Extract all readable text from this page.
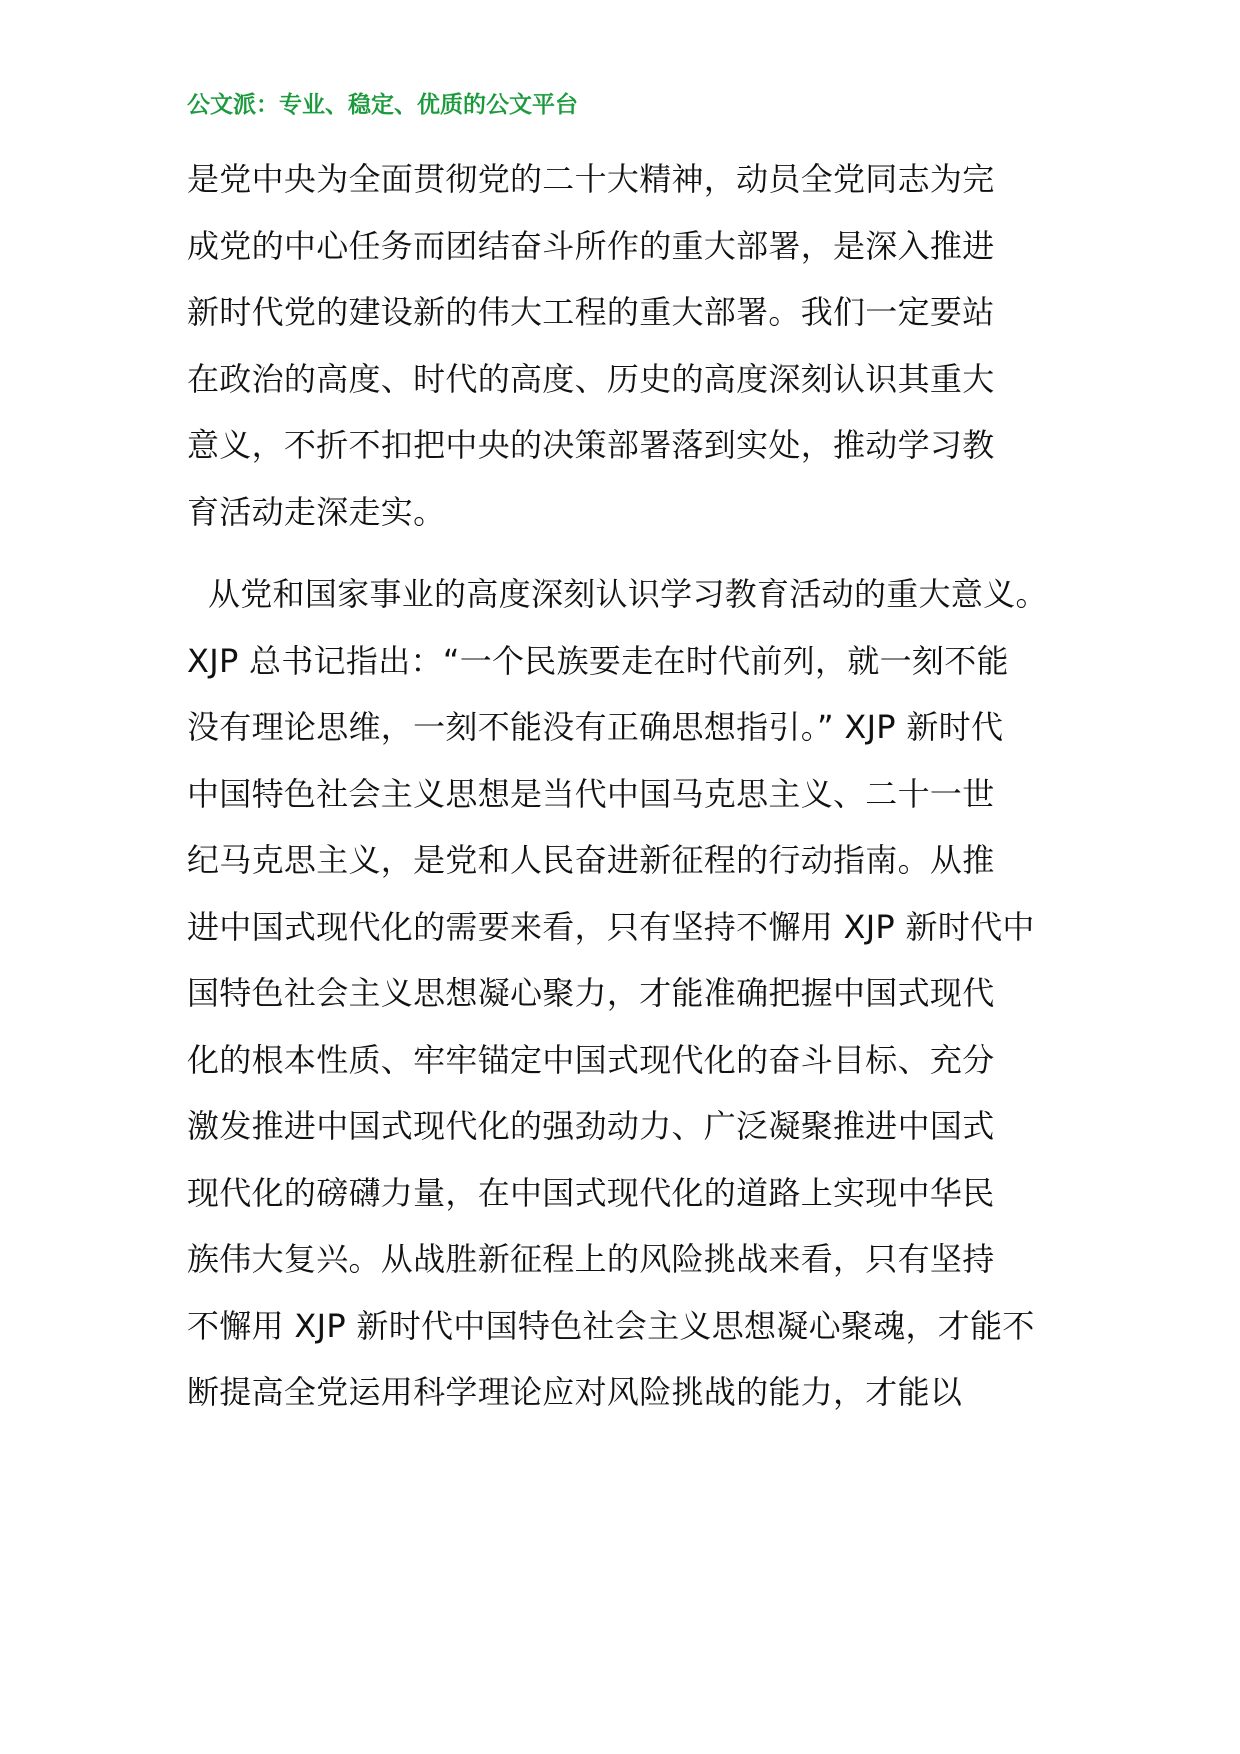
公文派：专业、稳定、优质的公文平台
是党中央为全面贯彻党的二十大精神，动员全党同志为完
成党的中心任务而团结奋斗所作的重大部署，是深入推进
新时代党的建设新的伟大工程的重大部署。我们一定要站
在政治的高度、时代的高度、历史的高度深刻认识其重大
意义，不折不扣把中央的决策部署落到实处，推动学习教
育活动走深走实。
从党和国家事业的高度深刻认识学习教育活动的重大意义。
XJP 总书记指出：“一个民族要走在时代前列，就一刻不能
没有理论思维，一刻不能没有正确思想指引。” XJP 新时代
中国特色社会主义思想是当代中国马克思主义、二十一世
纪马克思主义，是党和人民奋进新征程的行动指南。从推
进中国式现代化的需要来看，只有坚持不懈用 XJP 新时代中
国特色社会主义思想凝心聚力，才能准确把握中国式现代
化的根本性质、牢牢锚定中国式现代化的奋斗目标、充分
激发推进中国式现代化的强劲动力、广泛凝聚推进中国式
现代化的磅礴力量，在中国式现代化的道路上实现中华民
族伟大复兴。从战胜新征程上的风险挑战来看，只有坚持
不懈用 XJP 新时代中国特色社会主义思想凝心聚魂，才能不
断提高全党运用科学理论应对风险挑战的能力，才能以
